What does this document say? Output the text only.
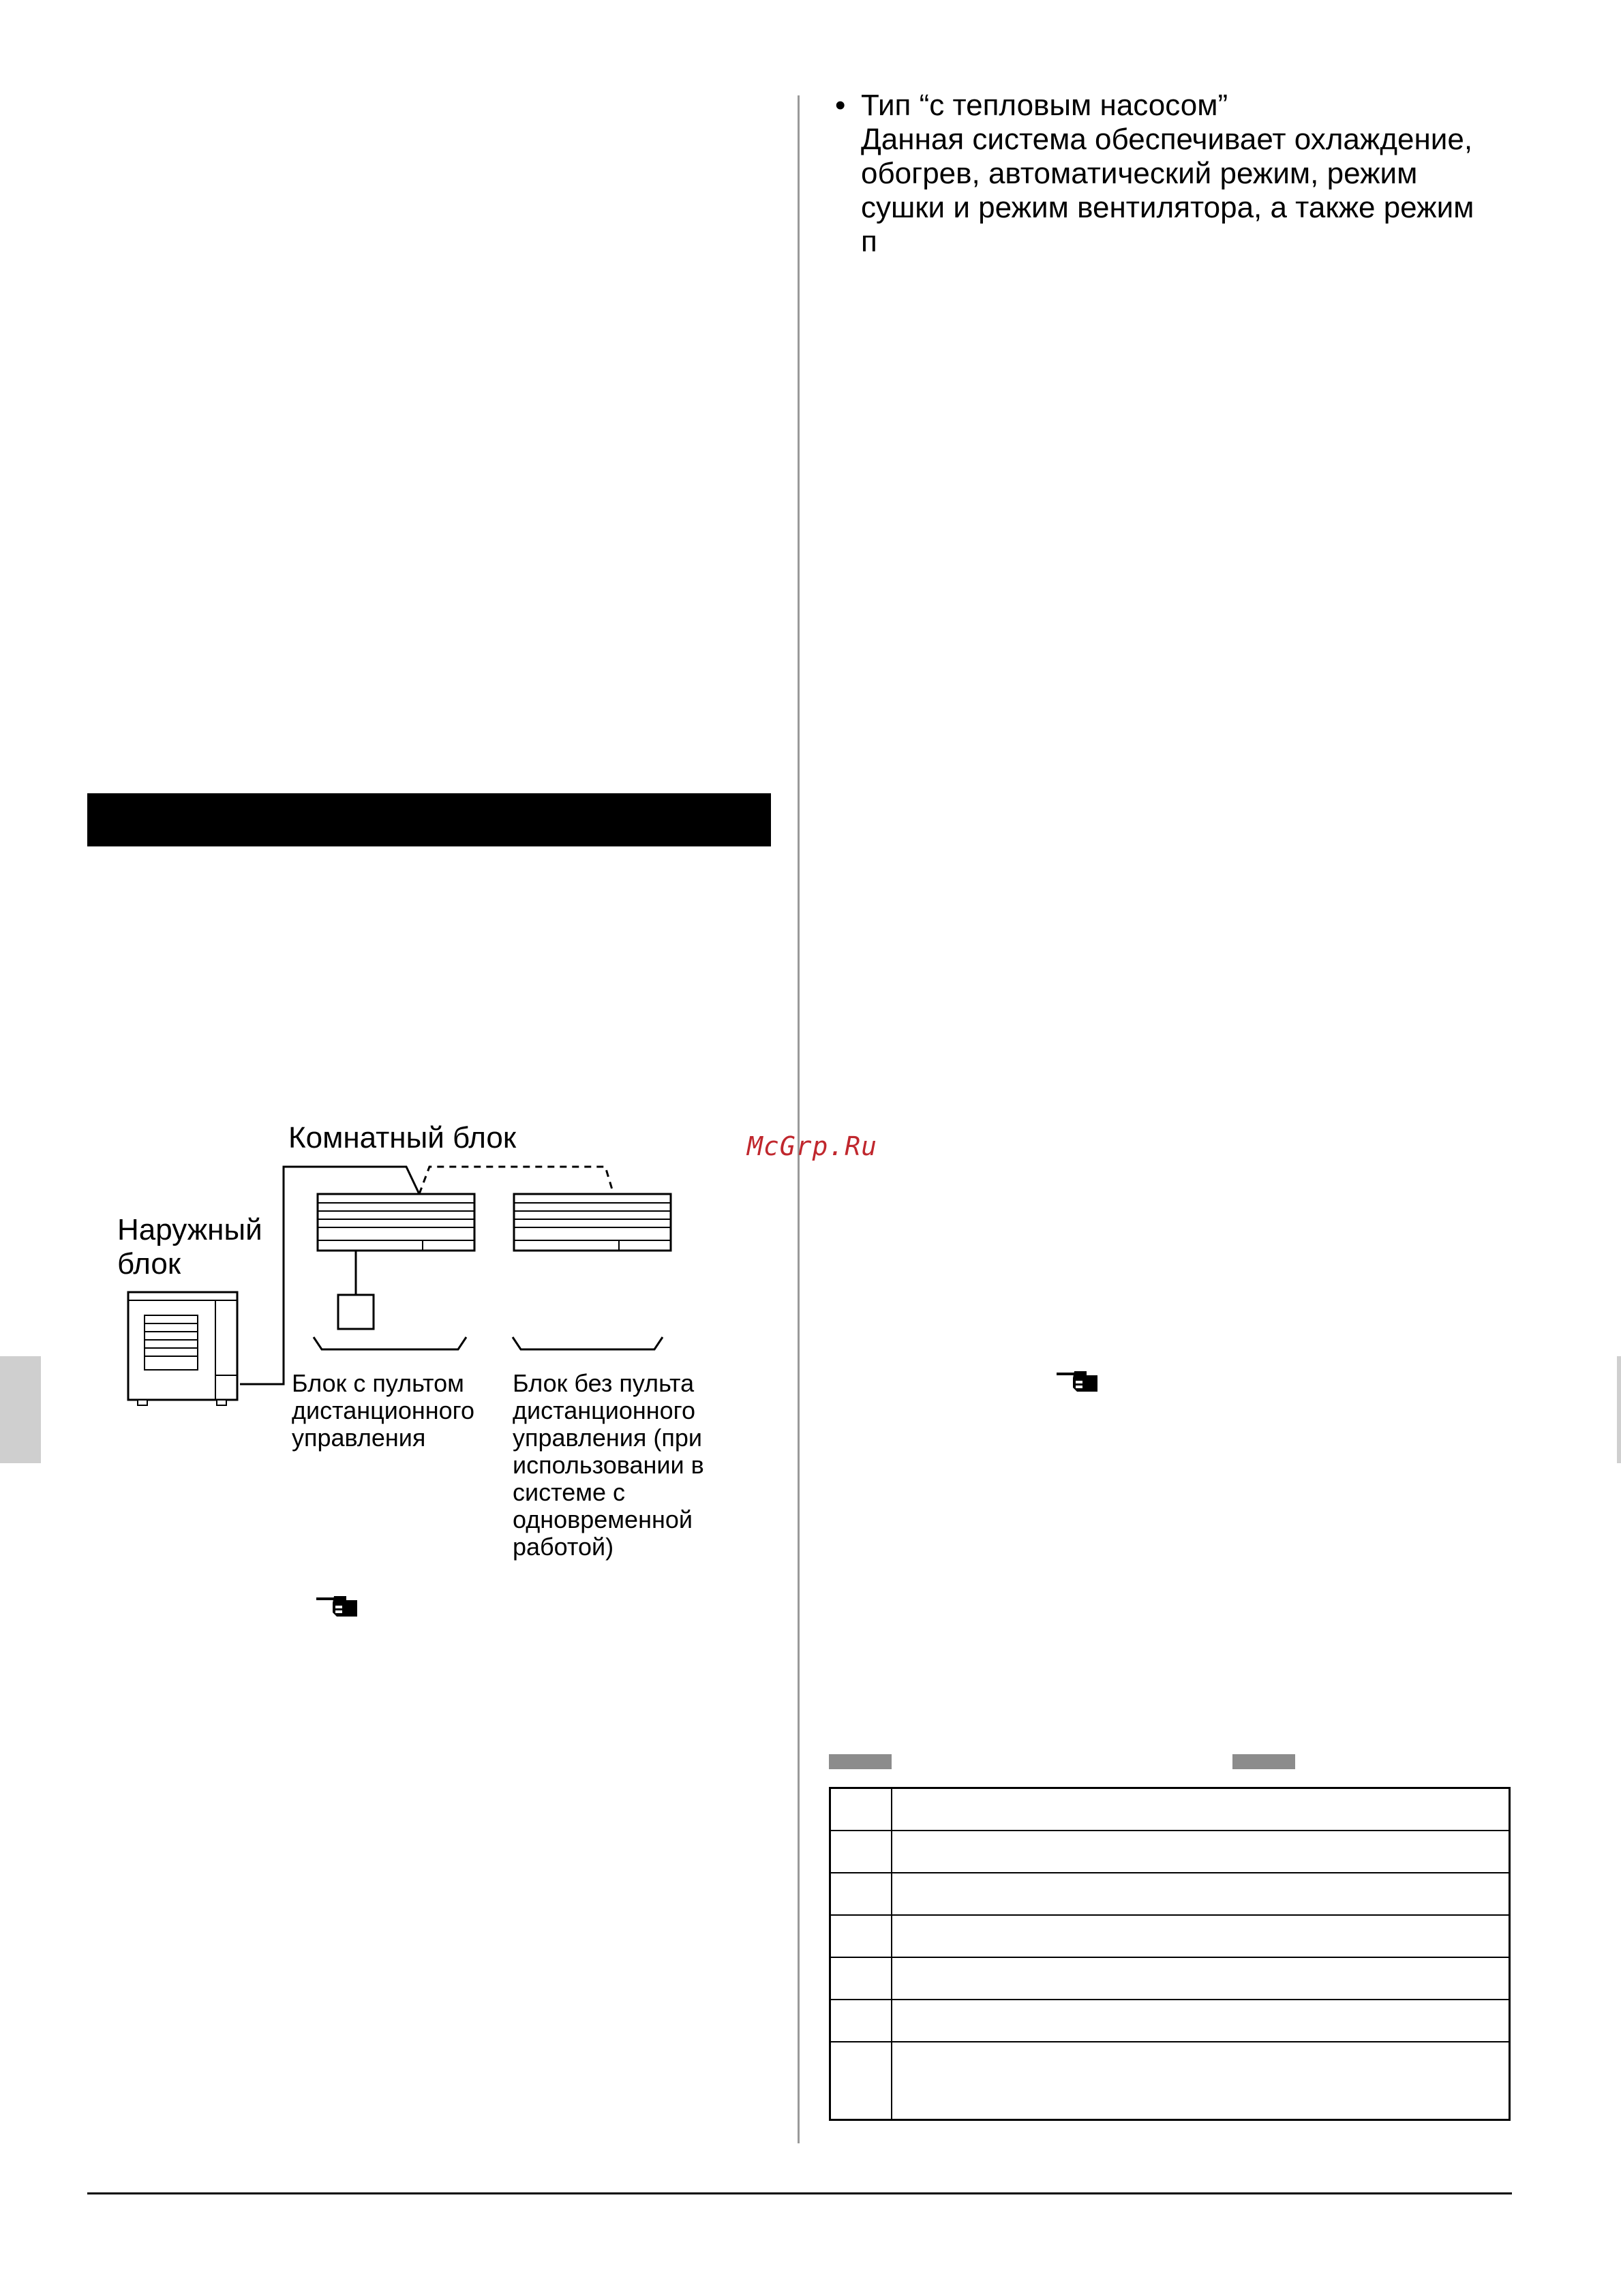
• Тип “с тепловым насосом”
Данная система обеспечивает охлаждение,
обогрев, автоматический режим, режим
сушки и режим вентилятора, а также режим
п
McGrp.Ru
Комнатный блок
Наружный
блок
Блок с пультом
дистанционного
управления
Блок без пульта
дистанционного
управления (при
использовании в
системе с
одновременной
работой)
